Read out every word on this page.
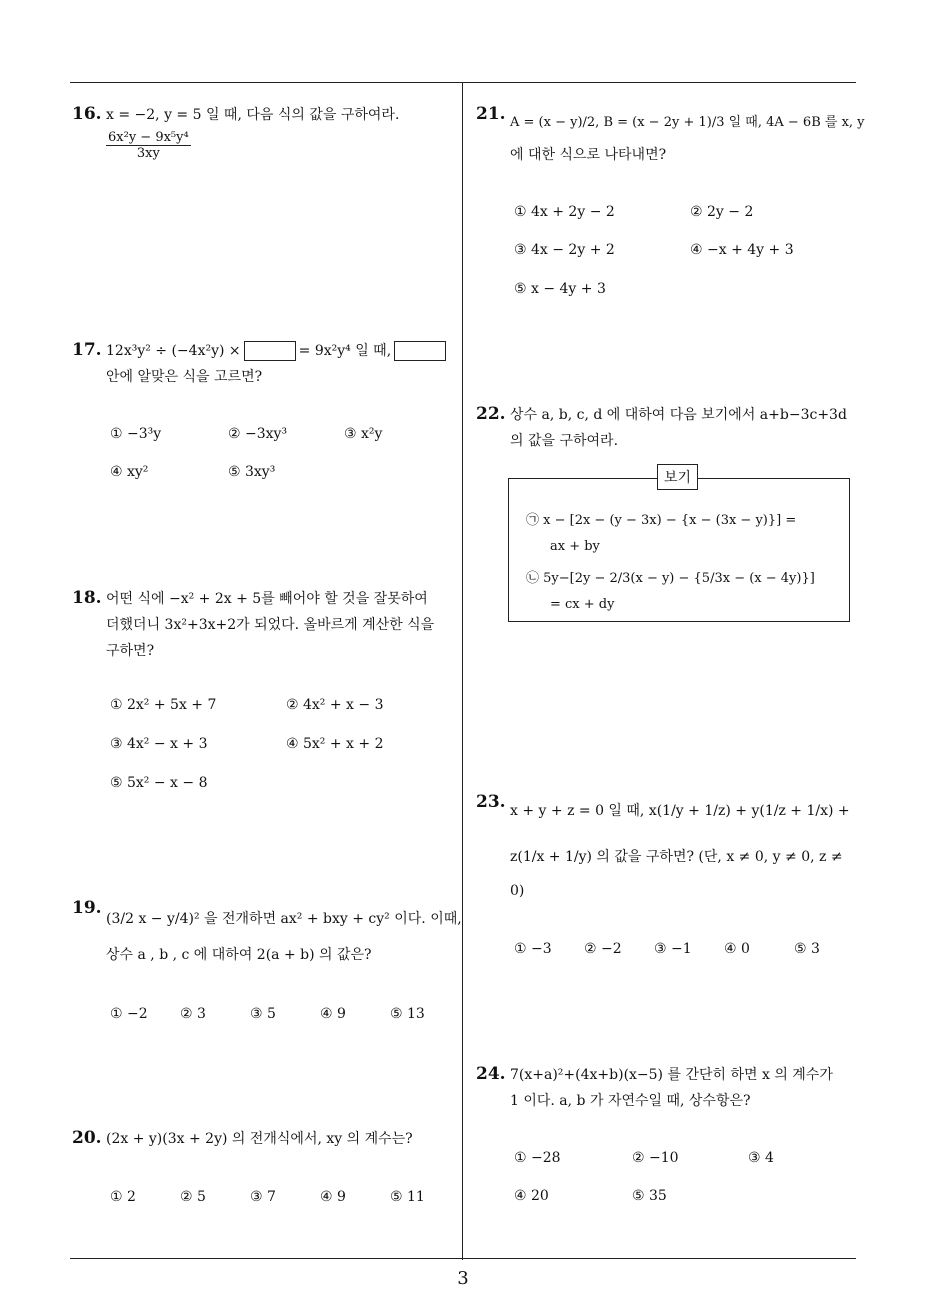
16. x = −2, y = 5 일 때, 다음 식의 값을 구하여라.
$\frac{\text{6x²y − 9x⁵y⁴}}{3xy}$
17. 12x³y² ÷ (−4x²y) ×	= 9x²y⁴ 일 때,
안에 알맞은 식을 고르면?
① −3³y	② −3xy³	③ x²y
④ xy²	⑤ 3xy³
18. 어떤 식에 −x² + 2x + 5를 빼어야 할 것을 잘못하여
더했더니 3x²+3x+2가 되었다. 올바르게 계산한 식을
구하면?
① 2x² + 5x + 7	② 4x² + x − 3
③ 4x² − x + 3	④ 5x² + x + 2
⑤ 5x² − x − 8
19.
(3/2 x − y/4)² 을 전개하면 ax² + bxy + cy² 이다. 이때,
상수 a , b , c 에 대하여 2(a + b) 의 값은?
① −2 ② 3	③ 5	④ 9	⑤ 13
20. (2x + y)(3x + 2y) 의 전개식에서, xy 의 계수는?
① 2	② 5	③ 7	④ 9	⑤ 11
21. A = (x − y)/2, B = (x − 2y + 1)/3 일 때, 4A − 6B 를 x, y
에 대한 식으로 나타내면?
① 4x + 2y − 2	② 2y − 2
③ 4x − 2y + 2	④ −x + 4y + 3
⑤ x − 4y + 3
22. 상수 a, b, c, d 에 대하여 다음 보기에서 a+b−3c+3d
의 값을 구하여라.
보기
㉠ x − [2x − (y − 3x) − {x − (3x − y)}] =
ax + by
㉡ 5y−[2y − 2/3(x − y) − {5/3x − (x − 4y)}]
= cx + dy
23. x + y + z = 0 일 때, x(1/y + 1/z) + y(1/z + 1/x) +
z(1/x + 1/y) 의 값을 구하면? (단, x ≠ 0, y ≠ 0, z ≠
0)
① −3 ② −2 ③ −1 ④ 0	⑤ 3
24. 7(x+a)²+(4x+b)(x−5) 를 간단히 하면 x 의 계수가
1 이다. a, b 가 자연수일 때, 상수항은?
① −28	② −10	③ 4
④ 20	⑤ 35
3
